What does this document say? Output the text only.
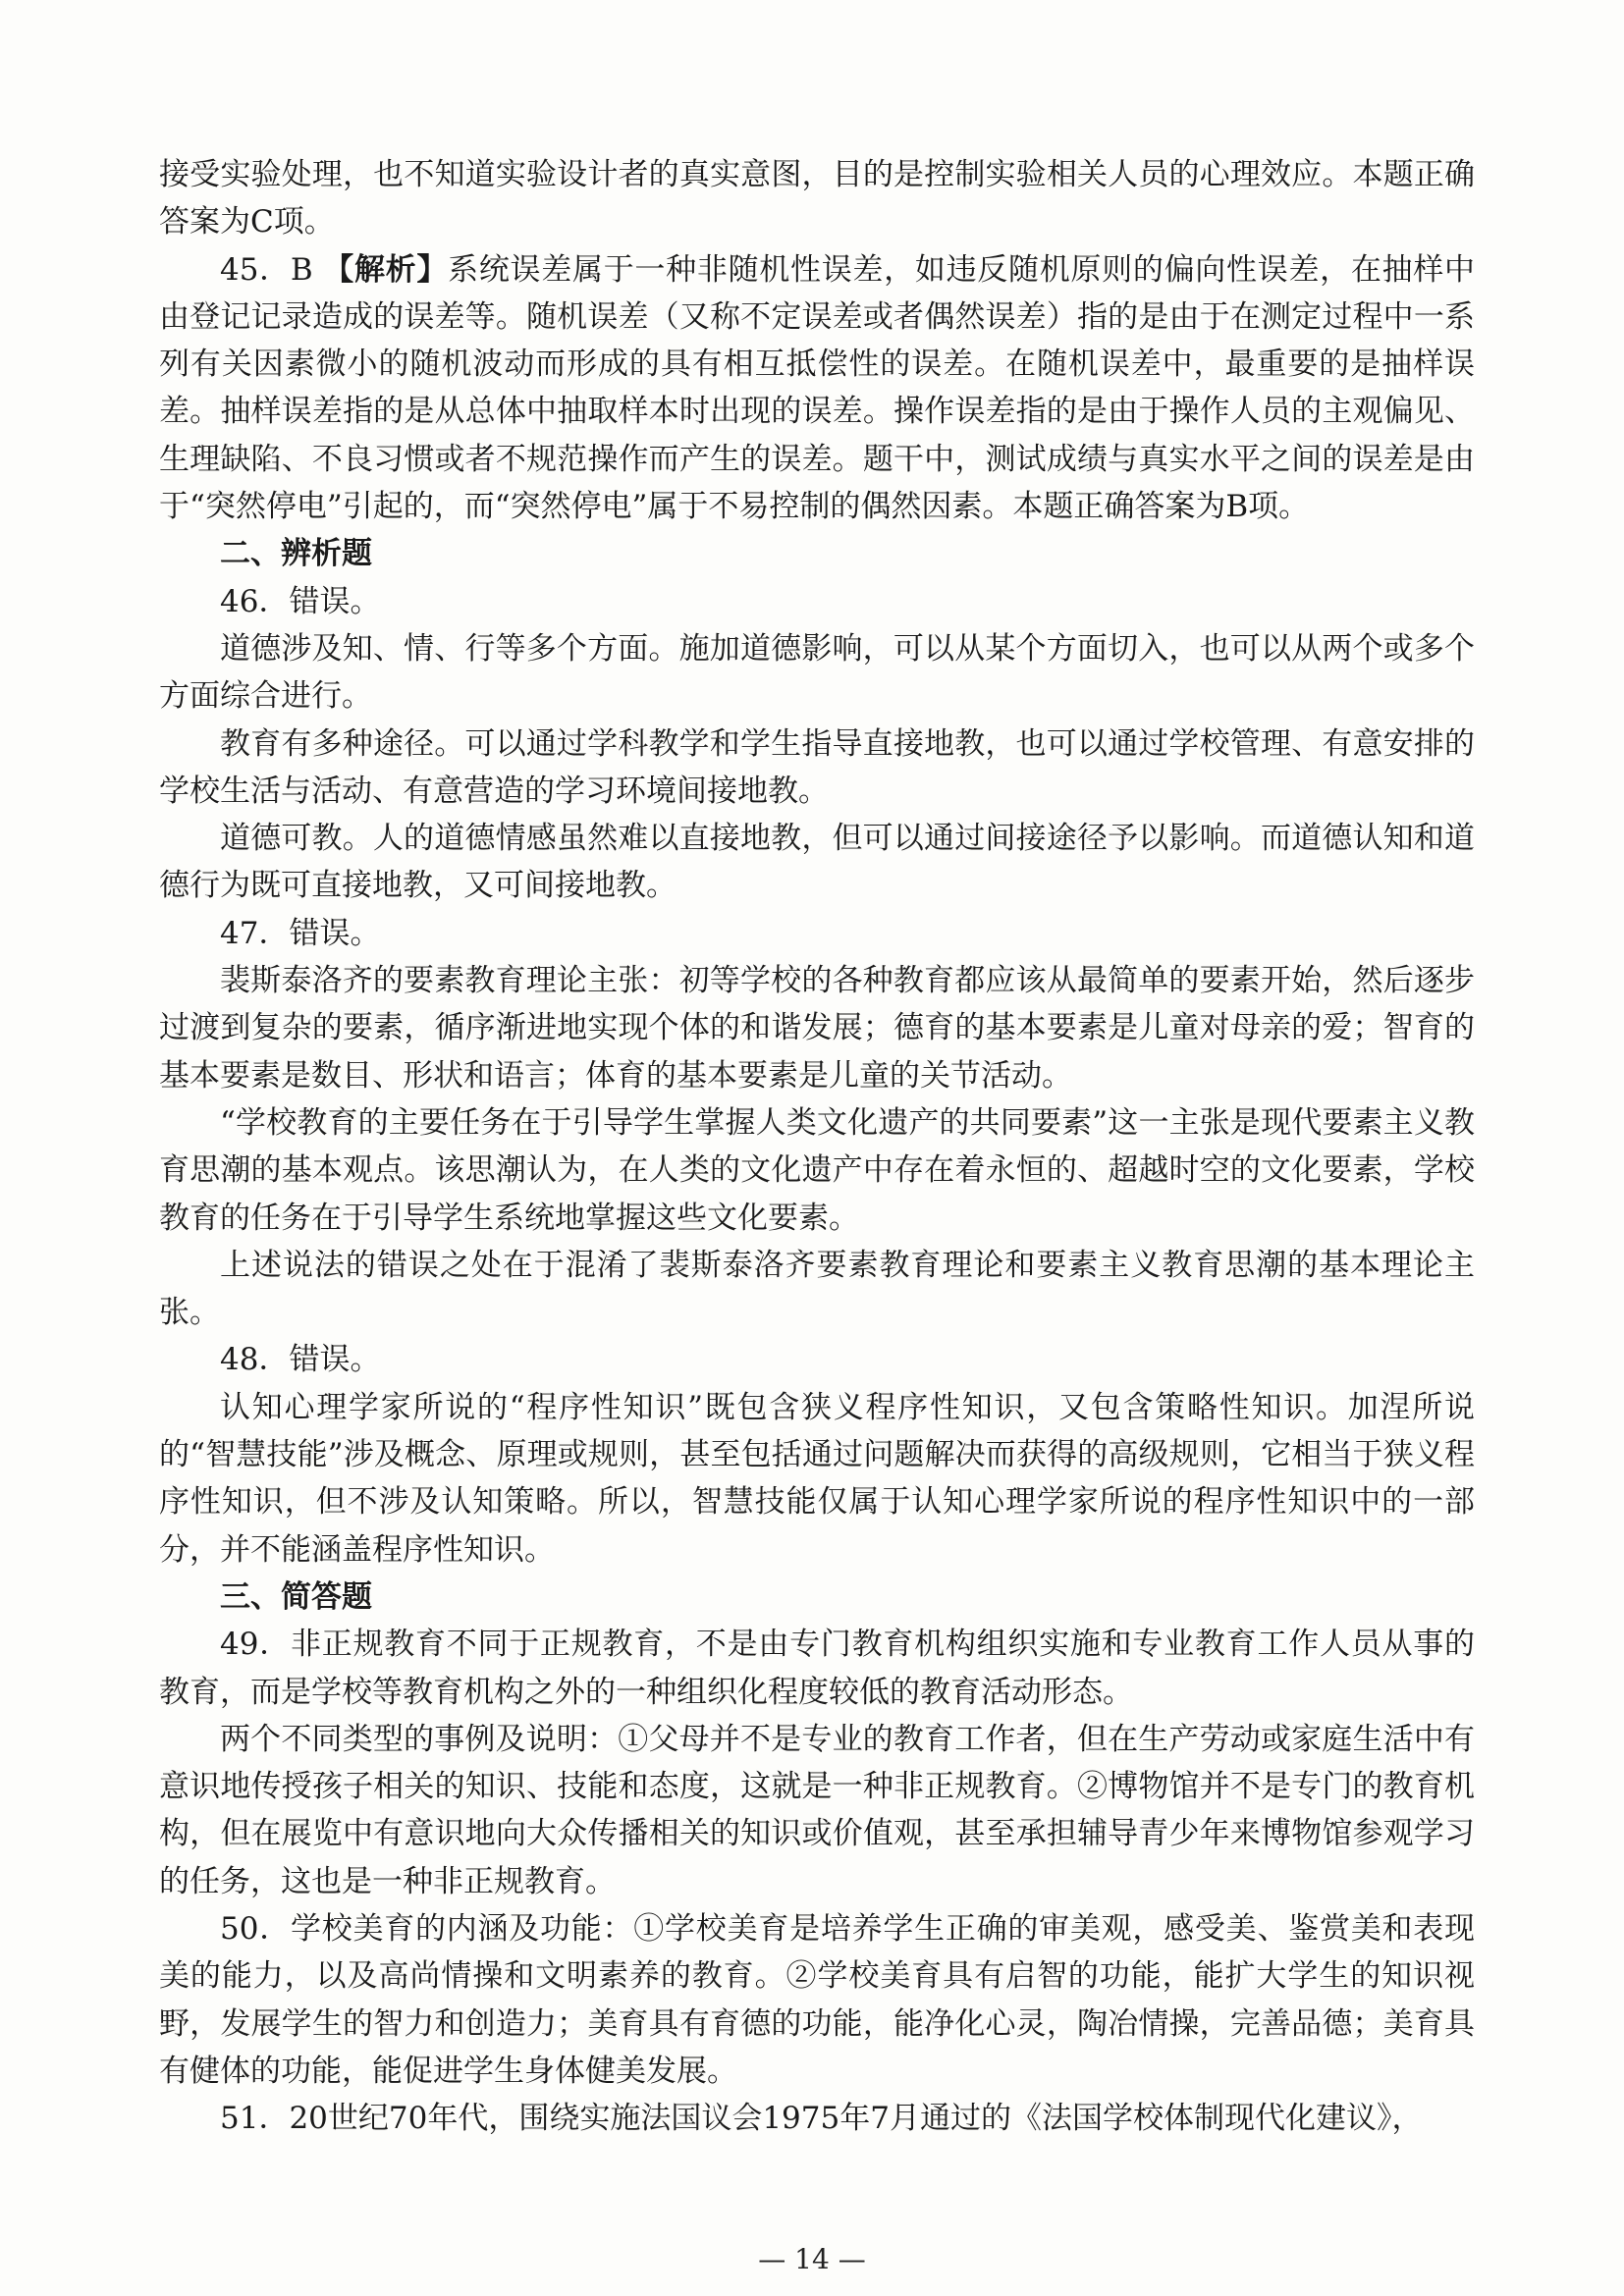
接受实验处理，也不知道实验设计者的真实意图，目的是控制实验相关人员的心理效应。本题正确答案为C项。

45．B 【解析】系统误差属于一种非随机性误差，如违反随机原则的偏向性误差，在抽样中由登记记录造成的误差等。随机误差（又称不定误差或者偶然误差）指的是由于在测定过程中一系列有关因素微小的随机波动而形成的具有相互抵偿性的误差。在随机误差中，最重要的是抽样误差。抽样误差指的是从总体中抽取样本时出现的误差。操作误差指的是由于操作人员的主观偏见、生理缺陷、不良习惯或者不规范操作而产生的误差。题干中，测试成绩与真实水平之间的误差是由于“突然停电”引起的，而“突然停电”属于不易控制的偶然因素。本题正确答案为B项。

二、辨析题

46．错误。

道德涉及知、情、行等多个方面。施加道德影响，可以从某个方面切入，也可以从两个或多个方面综合进行。

教育有多种途径。可以通过学科教学和学生指导直接地教，也可以通过学校管理、有意安排的学校生活与活动、有意营造的学习环境间接地教。

道德可教。人的道德情感虽然难以直接地教，但可以通过间接途径予以影响。而道德认知和道德行为既可直接地教，又可间接地教。

47．错误。

裴斯泰洛齐的要素教育理论主张：初等学校的各种教育都应该从最简单的要素开始，然后逐步过渡到复杂的要素，循序渐进地实现个体的和谐发展；德育的基本要素是儿童对母亲的爱；智育的基本要素是数目、形状和语言；体育的基本要素是儿童的关节活动。

“学校教育的主要任务在于引导学生掌握人类文化遗产的共同要素”这一主张是现代要素主义教育思潮的基本观点。该思潮认为，在人类的文化遗产中存在着永恒的、超越时空的文化要素，学校教育的任务在于引导学生系统地掌握这些文化要素。

上述说法的错误之处在于混淆了裴斯泰洛齐要素教育理论和要素主义教育思潮的基本理论主张。

48．错误。

认知心理学家所说的“程序性知识”既包含狭义程序性知识，又包含策略性知识。加涅所说的“智慧技能”涉及概念、原理或规则，甚至包括通过问题解决而获得的高级规则，它相当于狭义程序性知识，但不涉及认知策略。所以，智慧技能仅属于认知心理学家所说的程序性知识中的一部分，并不能涵盖程序性知识。

三、简答题

49．非正规教育不同于正规教育，不是由专门教育机构组织实施和专业教育工作人员从事的教育，而是学校等教育机构之外的一种组织化程度较低的教育活动形态。

两个不同类型的事例及说明：①父母并不是专业的教育工作者，但在生产劳动或家庭生活中有意识地传授孩子相关的知识、技能和态度，这就是一种非正规教育。②博物馆并不是专门的教育机构，但在展览中有意识地向大众传播相关的知识或价值观，甚至承担辅导青少年来博物馆参观学习的任务，这也是一种非正规教育。

50．学校美育的内涵及功能：①学校美育是培养学生正确的审美观，感受美、鉴赏美和表现美的能力，以及高尚情操和文明素养的教育。②学校美育具有启智的功能，能扩大学生的知识视野，发展学生的智力和创造力；美育具有育德的功能，能净化心灵，陶冶情操，完善品德；美育具有健体的功能，能促进学生身体健美发展。

51．20世纪70年代，围绕实施法国议会1975年7月通过的《法国学校体制现代化建议》，

— 14 —
